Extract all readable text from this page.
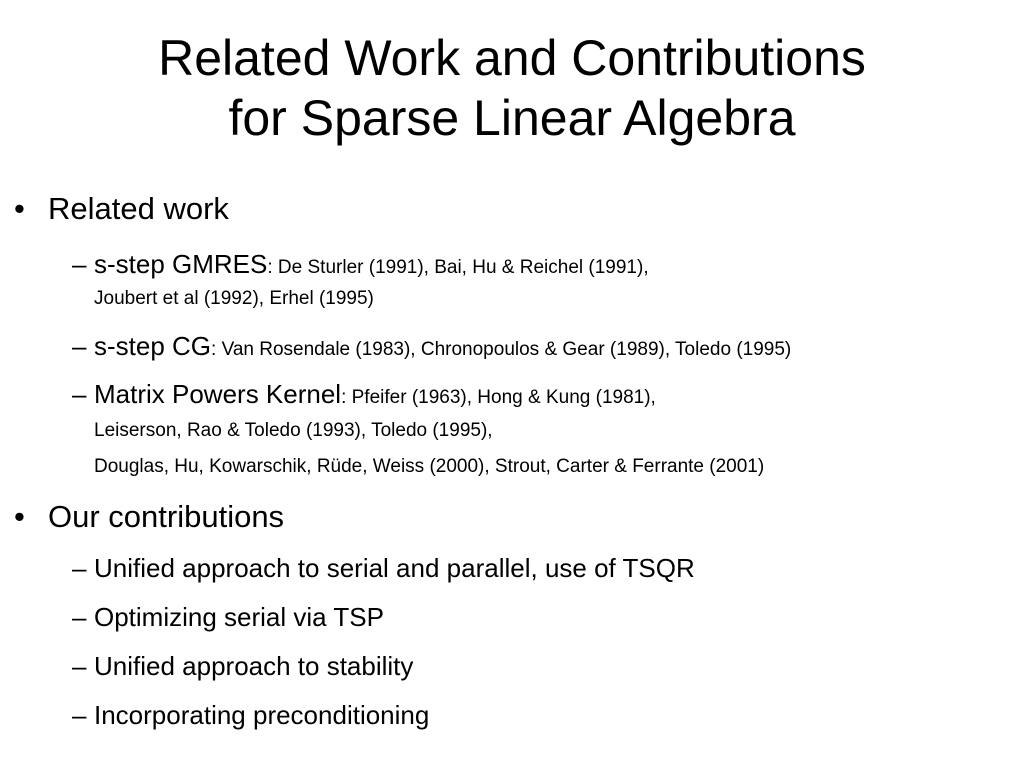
Related Work and Contributions
for Sparse Linear Algebra
• Related work
– s-step GMRES: De Sturler (1991), Bai, Hu & Reichel (1991),
Joubert et al (1992), Erhel (1995)
– s-step CG: Van Rosendale (1983), Chronopoulos & Gear (1989), Toledo (1995)
– Matrix Powers Kernel: Pfeifer (1963), Hong & Kung (1981),
Leiserson, Rao & Toledo (1993), Toledo (1995),
Douglas, Hu, Kowarschik, Rüde, Weiss (2000), Strout, Carter & Ferrante (2001)
• Our contributions
– Unified approach to serial and parallel, use of TSQR
– Optimizing serial via TSP
– Unified approach to stability
– Incorporating preconditioning
